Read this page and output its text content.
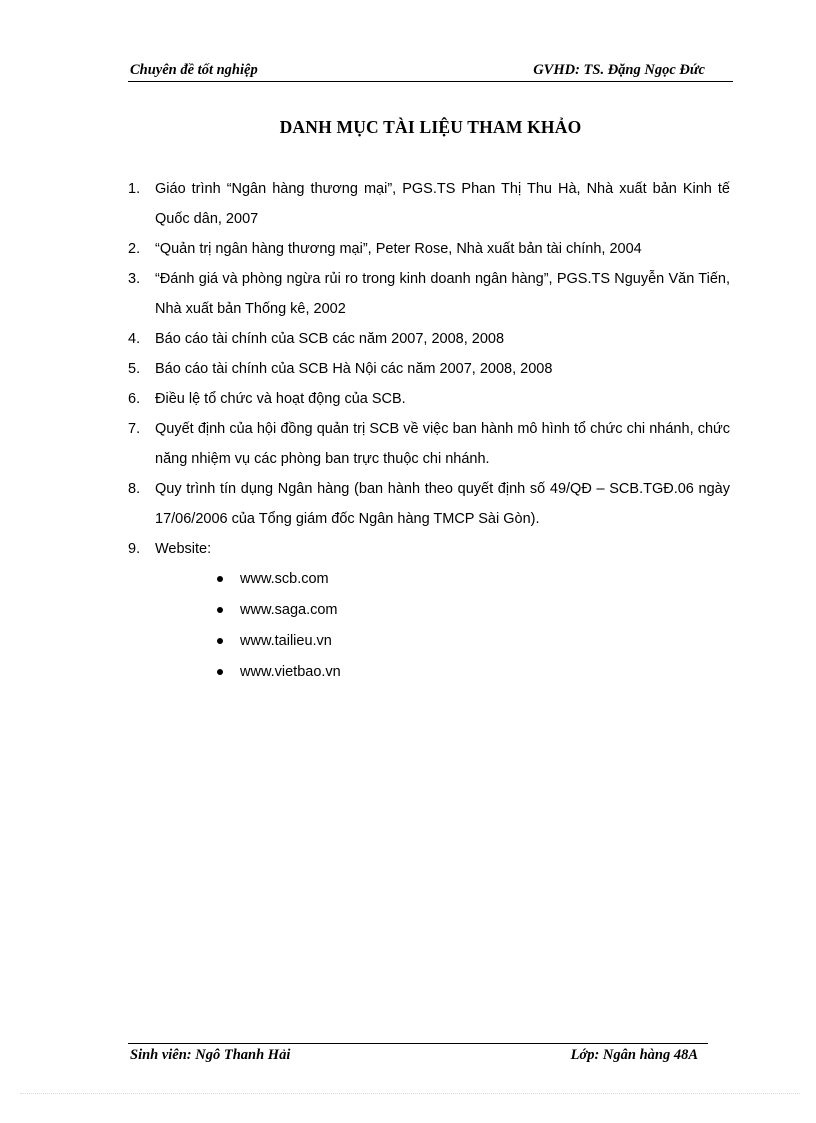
Chuyên đề tốt nghiệp	GVHD: TS. Đặng Ngọc Đức
DANH MỤC TÀI LIỆU THAM KHẢO
1. Giáo trình “Ngân hàng thương mại”, PGS.TS Phan Thị Thu Hà, Nhà xuất bản Kinh tế Quốc dân, 2007
2. “Quản trị ngân hàng thương mại”, Peter Rose, Nhà xuất bản tài chính, 2004
3. “Đánh giá và phòng ngừa rủi ro trong kinh doanh ngân hàng”, PGS.TS Nguyễn Văn Tiến, Nhà xuất bản Thống kê, 2002
4. Báo cáo tài chính của SCB các năm 2007, 2008, 2008
5. Báo cáo tài chính của SCB Hà Nội các năm 2007, 2008, 2008
6. Điều lệ tổ chức và hoạt động của SCB.
7. Quyết định của hội đồng quản trị SCB về việc ban hành mô hình tổ chức chi nhánh, chức năng nhiệm vụ các phòng ban trực thuộc chi nhánh.
8. Quy trình tín dụng Ngân hàng (ban hành theo quyết định số 49/QĐ – SCB.TGĐ.06 ngày 17/06/2006 của Tổng giám đốc Ngân hàng TMCP Sài Gòn).
9. Website:
www.scb.com
www.saga.com
www.tailieu.vn
www.vietbao.vn
Sinh viên: Ngô Thanh Hải	Lớp: Ngân hàng 48A
